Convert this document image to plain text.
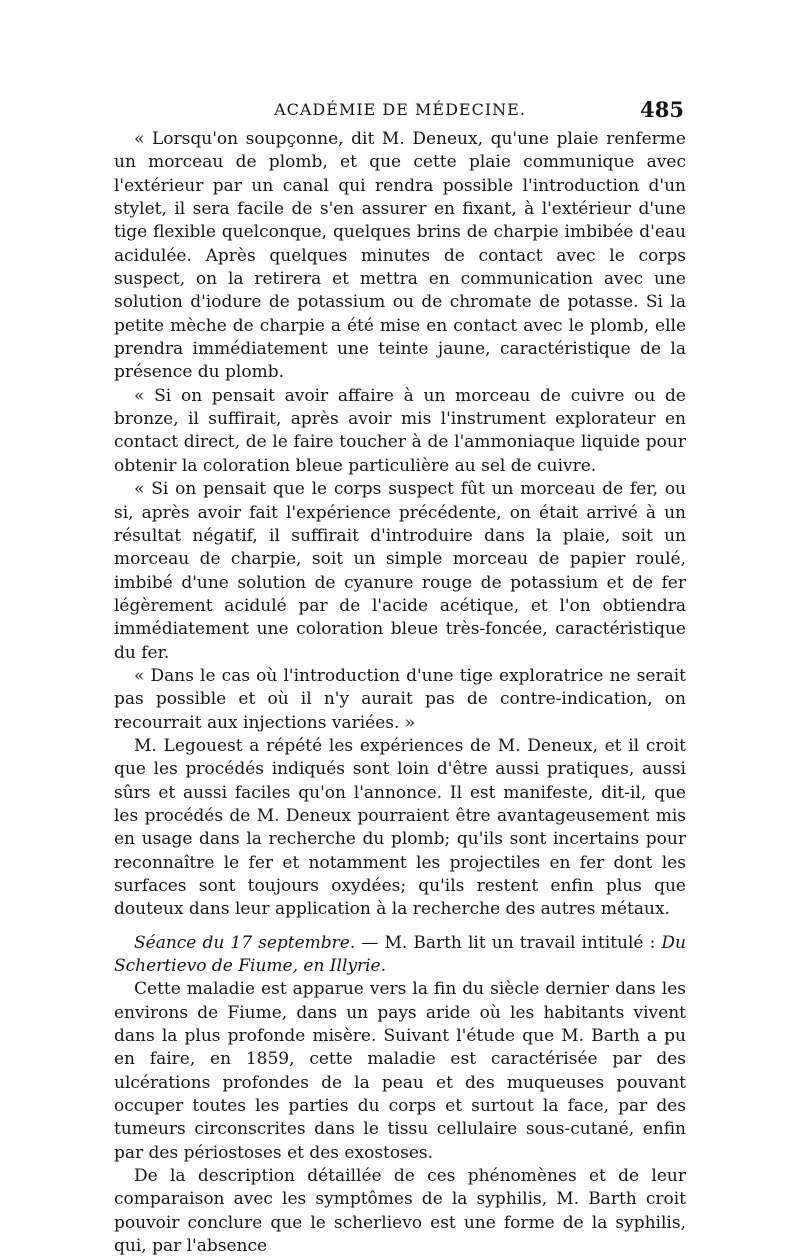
ACADÉMIE DE MÉDECINE.	485

« Lorsqu'on soupçonne, dit M. Deneux, qu'une plaie renferme un morceau de plomb, et que cette plaie communique avec l'extérieur par un canal qui rendra possible l'introduction d'un stylet, il sera facile de s'en assurer en fixant, à l'extérieur d'une tige flexible quelconque, quelques brins de charpie imbibée d'eau acidulée. Après quelques minutes de contact avec le corps suspect, on la retirera et mettra en communication avec une solution d'iodure de potassium ou de chromate de potasse. Si la petite mèche de charpie a été mise en contact avec le plomb, elle prendra immédiatement une teinte jaune, caractéristique de la présence du plomb.

« Si on pensait avoir affaire à un morceau de cuivre ou de bronze, il suffirait, après avoir mis l'instrument explorateur en contact direct, de le faire toucher à de l'ammoniaque liquide pour obtenir la coloration bleue particulière au sel de cuivre.

« Si on pensait que le corps suspect fût un morceau de fer, ou si, après avoir fait l'expérience précédente, on était arrivé à un résultat négatif, il suffirait d'introduire dans la plaie, soit un morceau de charpie, soit un simple morceau de papier roulé, imbibé d'une solution de cyanure rouge de potassium et de fer légèrement acidulé par de l'acide acétique, et l'on obtiendra immédiatement une coloration bleue très-foncée, caractéristique du fer.

« Dans le cas où l'introduction d'une tige exploratrice ne serait pas possible et où il n'y aurait pas de contre-indication, on recourrait aux injections variées. »

M. Legouest a répété les expériences de M. Deneux, et il croit que les procédés indiqués sont loin d'être aussi pratiques, aussi sûrs et aussi faciles qu'on l'annonce. Il est manifeste, dit-il, que les procédés de M. Deneux pourraient être avantageusement mis en usage dans la recherche du plomb; qu'ils sont incertains pour reconnaître le fer et notamment les projectiles en fer dont les surfaces sont toujours oxydées; qu'ils restent enfin plus que douteux dans leur application à la recherche des autres métaux.

Séance du 17 septembre. — M. Barth lit un travail intitulé : Du Schertievo de Fiume, en Illyrie.

Cette maladie est apparue vers la fin du siècle dernier dans les environs de Fiume, dans un pays aride où les habitants vivent dans la plus profonde misère. Suivant l'étude que M. Barth a pu en faire, en 1859, cette maladie est caractérisée par des ulcérations profondes de la peau et des muqueuses pouvant occuper toutes les parties du corps et surtout la face, par des tumeurs circonscrites dans le tissu cellulaire sous-cutané, enfin par des périostoses et des exostoses.

De la description détaillée de ces phénomènes et de leur comparaison avec les symptômes de la syphilis, M. Barth croit pouvoir conclure que le scherlievo est une forme de la syphilis, qui, par l'absence
